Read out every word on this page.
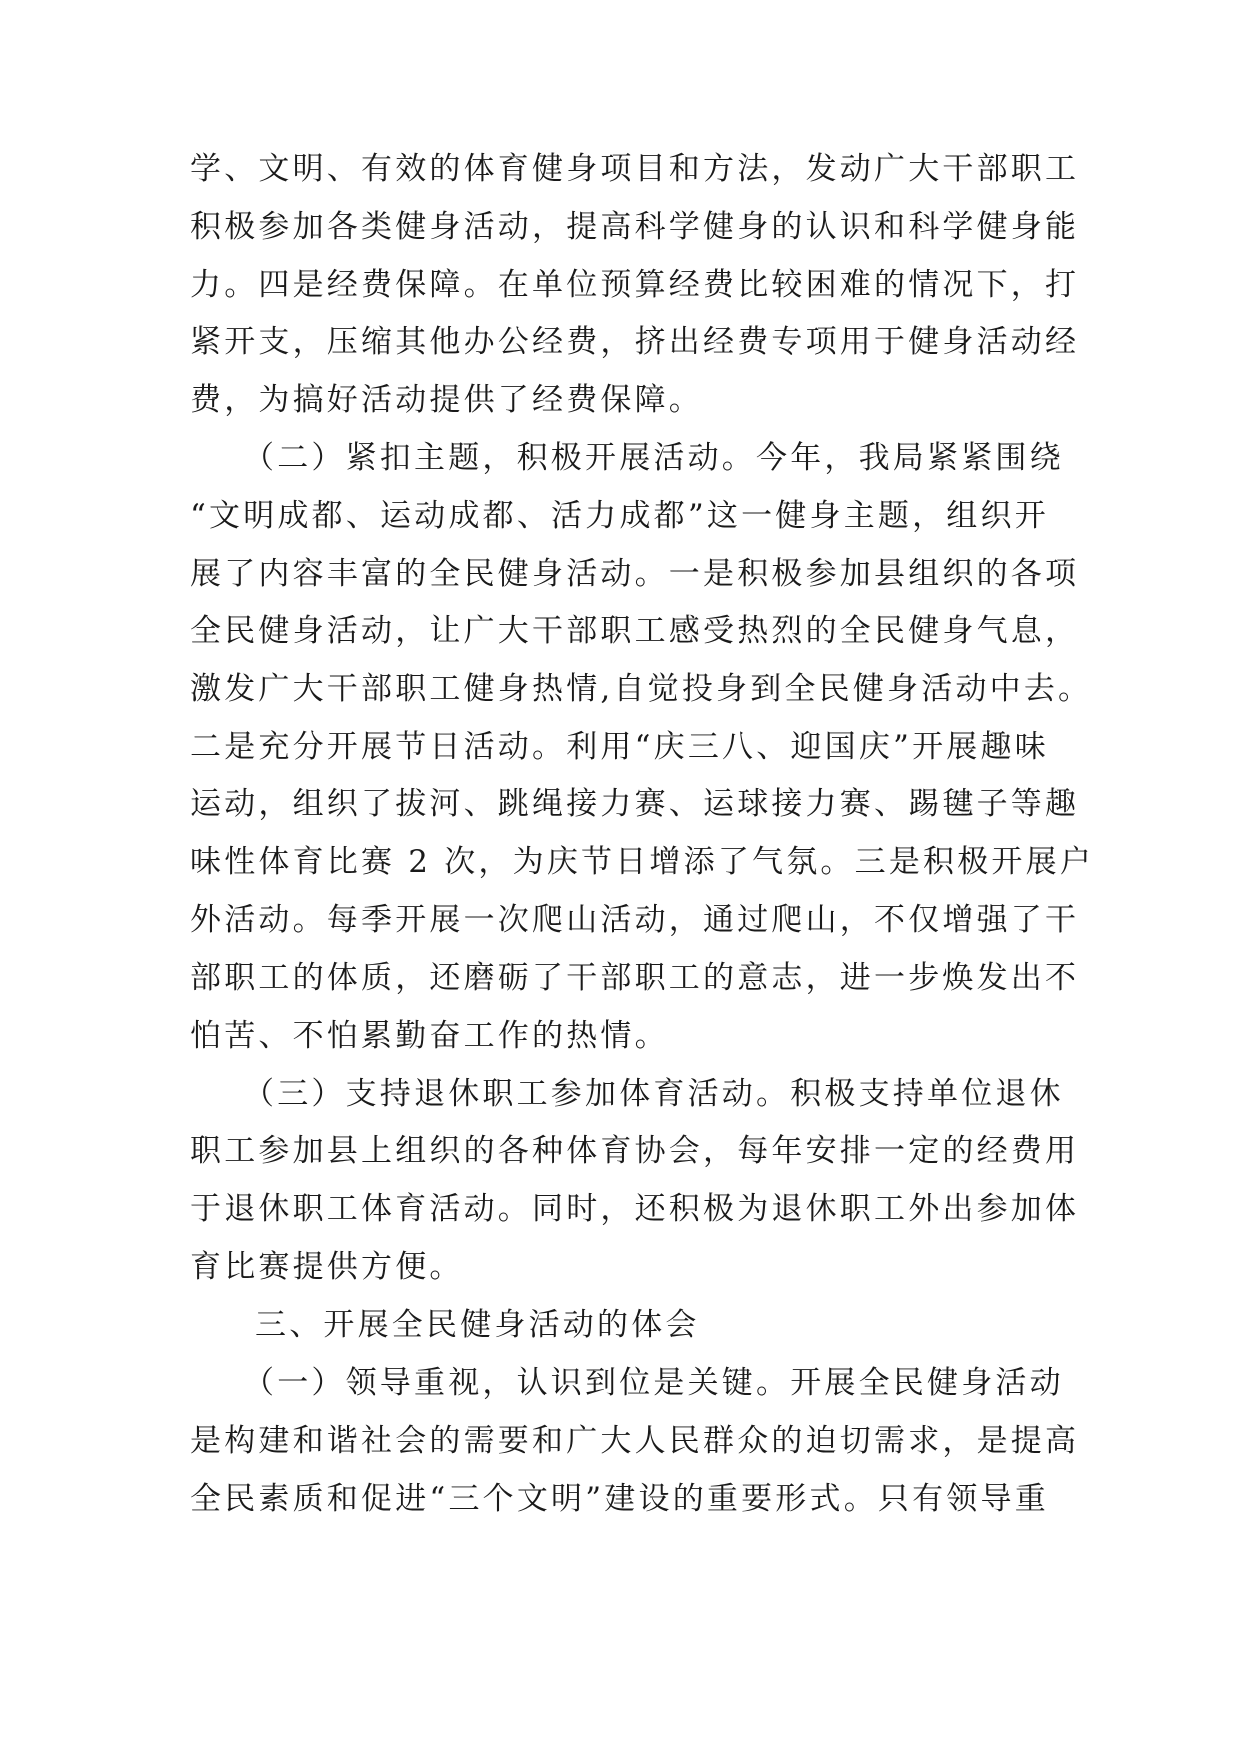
学、文明、有效的体育健身项目和方法，发动广大干部职工
积极参加各类健身活动，提高科学健身的认识和科学健身能
力。四是经费保障。在单位预算经费比较困难的情况下，打
紧开支，压缩其他办公经费，挤出经费专项用于健身活动经
费，为搞好活动提供了经费保障。
（二）紧扣主题，积极开展活动。今年，我局紧紧围绕
“文明成都、运动成都、活力成都”这一健身主题，组织开
展了内容丰富的全民健身活动。一是积极参加县组织的各项
全民健身活动，让广大干部职工感受热烈的全民健身气息，
激发广大干部职工健身热情,自觉投身到全民健身活动中去。
二是充分开展节日活动。利用“庆三八、迎国庆”开展趣味
运动，组织了拔河、跳绳接力赛、运球接力赛、踢毽子等趣
味性体育比赛 2 次，为庆节日增添了气氛。三是积极开展户
外活动。每季开展一次爬山活动，通过爬山，不仅增强了干
部职工的体质，还磨砺了干部职工的意志，进一步焕发出不
怕苦、不怕累勤奋工作的热情。
（三）支持退休职工参加体育活动。积极支持单位退休
职工参加县上组织的各种体育协会，每年安排一定的经费用
于退休职工体育活动。同时，还积极为退休职工外出参加体
育比赛提供方便。
三、开展全民健身活动的体会
（一）领导重视，认识到位是关键。开展全民健身活动
是构建和谐社会的需要和广大人民群众的迫切需求，是提高
全民素质和促进“三个文明”建设的重要形式。只有领导重
